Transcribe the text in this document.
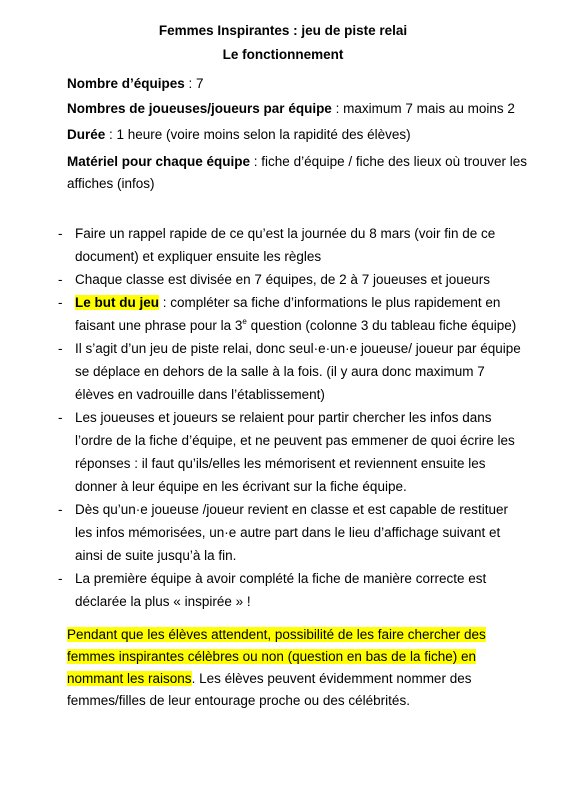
Femmes Inspirantes : jeu de piste relai

Le fonctionnement

Nombre d’équipes : 7

Nombres de joueuses/joueurs par équipe : maximum 7 mais au moins 2

Durée : 1 heure (voire moins selon la rapidité des élèves)

Matériel pour chaque équipe : fiche d’équipe / fiche des lieux où trouver les affiches (infos)

- Faire un rappel rapide de ce qu’est la journée du 8 mars (voir fin de ce document) et expliquer ensuite les règles
- Chaque classe est divisée en 7 équipes, de 2 à 7 joueuses et joueurs
- Le but du jeu : compléter sa fiche d’informations le plus rapidement en faisant une phrase pour la 3e question (colonne 3 du tableau fiche équipe)
- Il s’agit d’un jeu de piste relai, donc seul·e·un·e joueuse/ joueur par équipe se déplace en dehors de la salle à la fois. (il y aura donc maximum 7 élèves en vadrouille dans l’établissement)
- Les joueuses et joueurs se relaient pour partir chercher les infos dans l’ordre de la fiche d’équipe, et ne peuvent pas emmener de quoi écrire les réponses : il faut qu’ils/elles les mémorisent et reviennent ensuite les donner à leur équipe en les écrivant sur la fiche équipe.
- Dès qu’un·e joueuse /joueur revient en classe et est capable de restituer les infos mémorisées, un·e autre part dans le lieu d’affichage suivant et ainsi de suite jusqu’à la fin.
- La première équipe à avoir complété la fiche de manière correcte est déclarée la plus « inspirée » !

Pendant que les élèves attendent, possibilité de les faire chercher des femmes inspirantes célèbres ou non (question en bas de la fiche) en nommant les raisons. Les élèves peuvent évidemment nommer des femmes/filles de leur entourage proche ou des célébrités.
